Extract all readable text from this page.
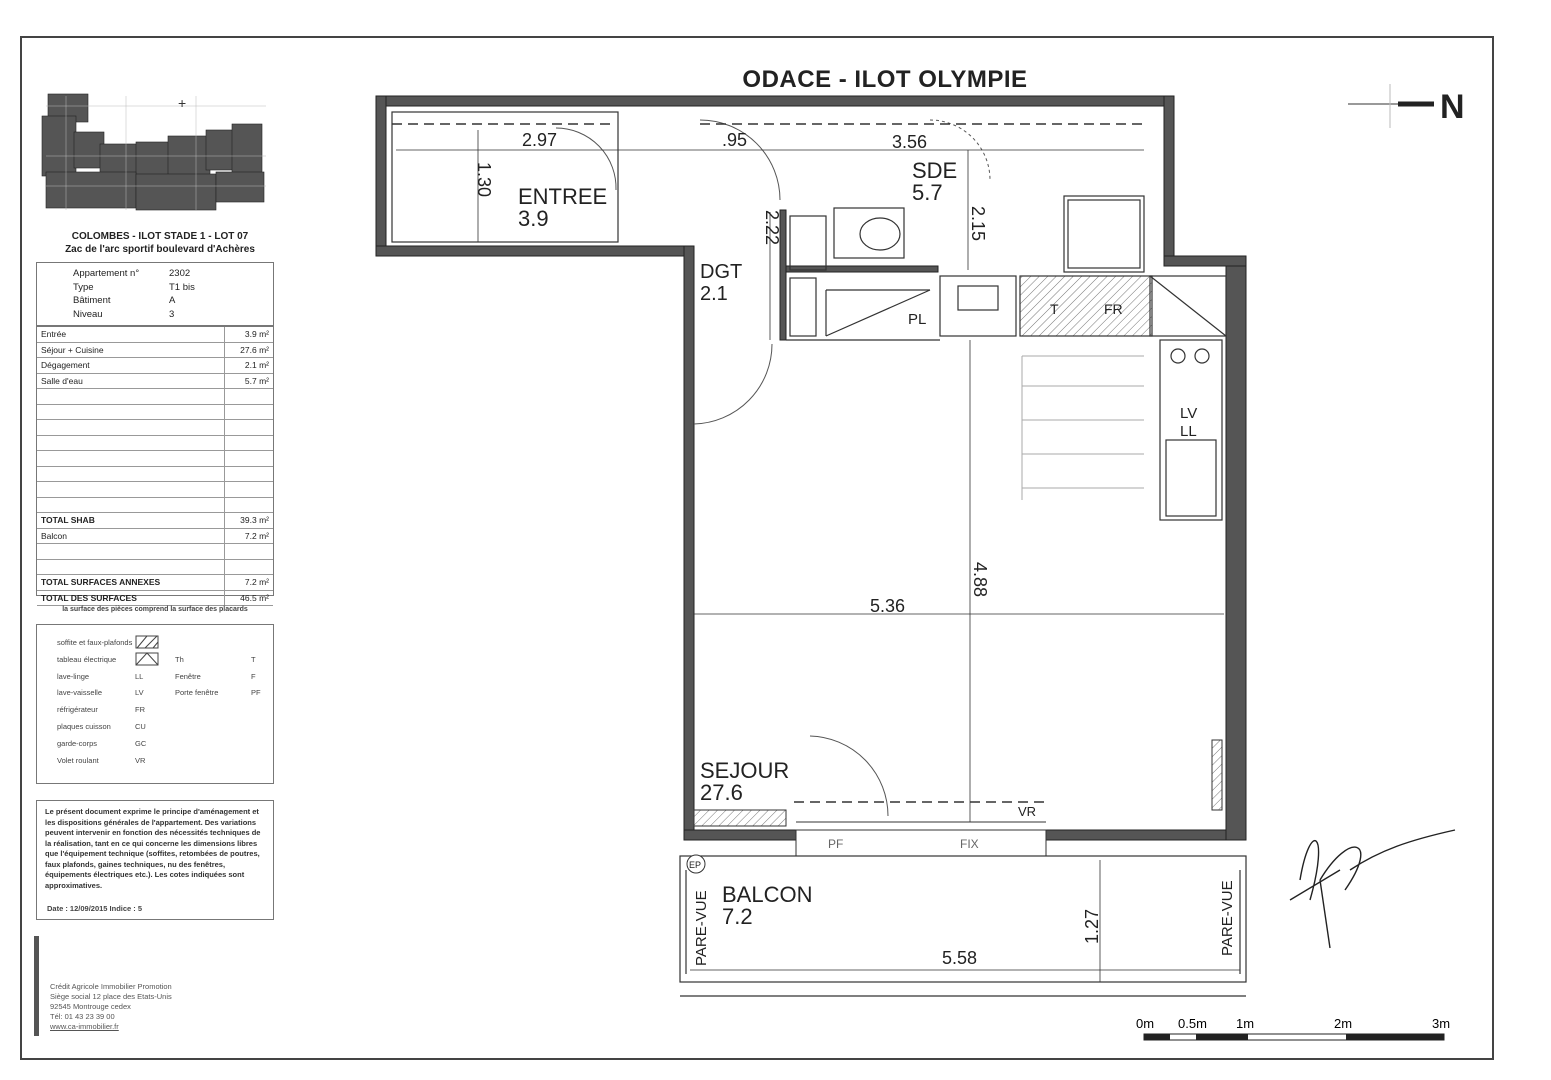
+
COLOMBES - ILOT STADE 1 - LOT 07
Zac de l'arc sportif boulevard d'Achères
Appartement n°	2302
Type	T1 bis
Bâtiment	A
Niveau	3
Entrée	3.9 m²
Séjour + Cuisine	27.6 m²
Dégagement	2.1 m²
Salle d'eau	5.7 m²
TOTAL SHAB	39.3 m²
Balcon	7.2 m²
TOTAL SURFACES ANNEXES	7.2 m²
TOTAL DES SURFACES	46.5 m²
la surface des pièces comprend la surface des placards
soffite et faux-plafonds
tableau électrique	Th	T
lave-linge	LL	Fenêtre	F
lave-vaisselle	LV	Porte fenêtre	PF
réfrigérateur	FR
plaques cuisson	CU
garde-corps	GC
Volet roulant	VR
Le présent document exprime le principe d'aménagement et les dispositions générales de l'appartement. Des variations peuvent intervenir en fonction des nécessités techniques de la réalisation, tant en ce qui concerne les dimensions libres que l'équipement technique (soffites, retombées de poutres, faux plafonds, gaines techniques, nu des fenêtres, équipements électriques etc.). Les cotes indiquées sont approximatives.
Date : 12/09/2015 Indice : 5
Crédit Agricole Immobilier Promotion
Siège social 12 place des Etats-Unis
92545 Montrouge cedex
Tél: 01 43 23 39 00
www.ca-immobilier.fr
ODACE - ILOT OLYMPIE
ENTREE
3.9
SDE
5.7
DGT
2.1
SEJOUR
27.6
BALCON
7.2
2.97	.95	3.56
1.30
2.22	2.15
5.36
4.88
1.27
5.58
PL
T	FR
LV
LL
VR
PF	FIX
PARE-VUE	PARE-VUE
EP
N
0m 0.5m 1m	2m	3m
